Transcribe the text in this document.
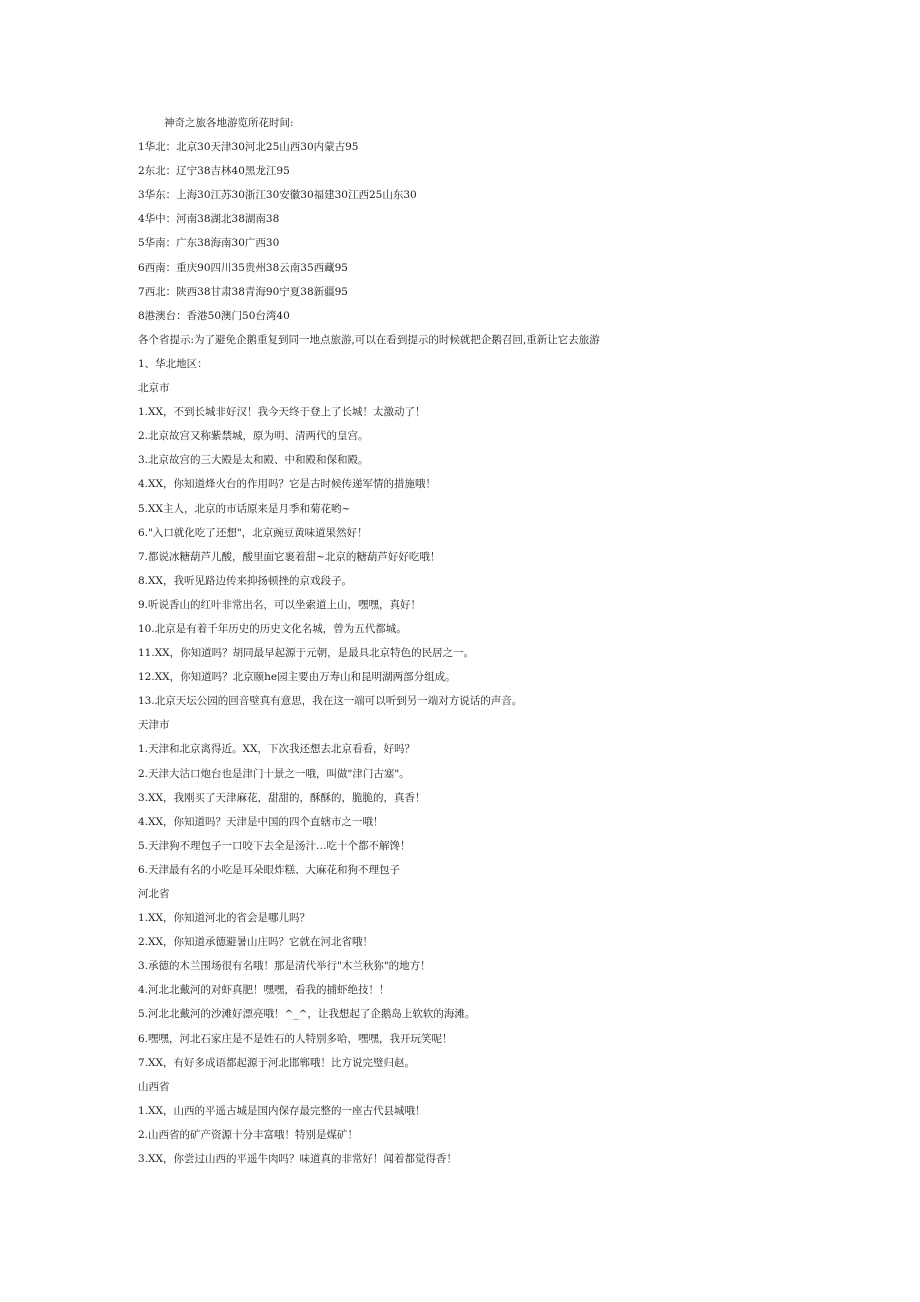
神奇之旅各地游览所花时间:
1华北：北京30天津30河北25山西30内蒙古95
2东北：辽宁38吉林40黑龙江95
3华东：上海30江苏30浙江30安徽30福建30江西25山东30
4华中：河南38湖北38湖南38
5华南：广东38海南30广西30
6西南：重庆90四川35贵州38云南35西藏95
7西北：陕西38甘肃38青海90宁夏38新疆95
8港澳台：香港50澳门50台湾40
各个省提示:为了避免企鹅重复到同一地点旅游,可以在看到提示的时候就把企鹅召回,重新让它去旅游
1、华北地区：
北京市
1.XX，不到长城非好汉！我今天终于登上了长城！太激动了！
2.北京故宫又称紫禁城，原为明、清两代的皇宫。
3.北京故宫的三大殿是太和殿、中和殿和保和殿。
4.XX，你知道烽火台的作用吗？它是古时候传递军情的措施哦！
5.XX主人，北京的市话原来是月季和菊花哟~
6."入口就化吃了还想"，北京豌豆黄味道果然好！
7.都说冰糖葫芦儿酸，酸里面它裹着甜~北京的糖葫芦好好吃哦！
8.XX，我听见路边传来抑扬顿挫的京戏段子。
9.听说香山的红叶非常出名，可以坐索道上山，嘿嘿，真好！
10.北京是有着千年历史的历史文化名城，曾为五代都城。
11.XX，你知道吗？胡同最早起源于元朝，是最具北京特色的民居之一。
12.XX，你知道吗？北京颐he园主要由万寿山和昆明湖两部分组成。
13.北京天坛公园的回音壁真有意思，我在这一端可以听到另一端对方说话的声音。
天津市
1.天津和北京离得近。XX，下次我还想去北京看看，好吗？
2.天津大沽口炮台也是津门十景之一哦，叫做"津门古塞"。
3.XX，我刚买了天津麻花，甜甜的，酥酥的，脆脆的，真香！
4.XX，你知道吗？天津是中国的四个直辖市之一哦！
5.天津狗不理包子一口咬下去全是汤汁…吃十个都不解馋！
6.天津最有名的小吃是耳朵眼炸糕、大麻花和狗不理包子
河北省
1.XX，你知道河北的省会是哪儿吗？
2.XX，你知道承德避暑山庄吗？它就在河北省哦！
3.承德的木兰围场很有名哦！那是清代举行"木兰秋狝"的地方！
4.河北北戴河的对虾真肥！嘿嘿，看我的捕虾绝技！！
5.河北北戴河的沙滩好漂亮哦！^_^，让我想起了企鹅岛上软软的海滩。
6.嘿嘿，河北石家庄是不是姓石的人特别多哈，嘿嘿，我开玩笑呢！
7.XX，有好多成语都起源于河北邯郸哦！比方说完璧归赵。
山西省
1.XX，山西的平遥古城是国内保存最完整的一座古代县城哦！
2.山西省的矿产资源十分丰富哦！特别是煤矿！
3.XX，你尝过山西的平遥牛肉吗？味道真的非常好！闻着都觉得香！
